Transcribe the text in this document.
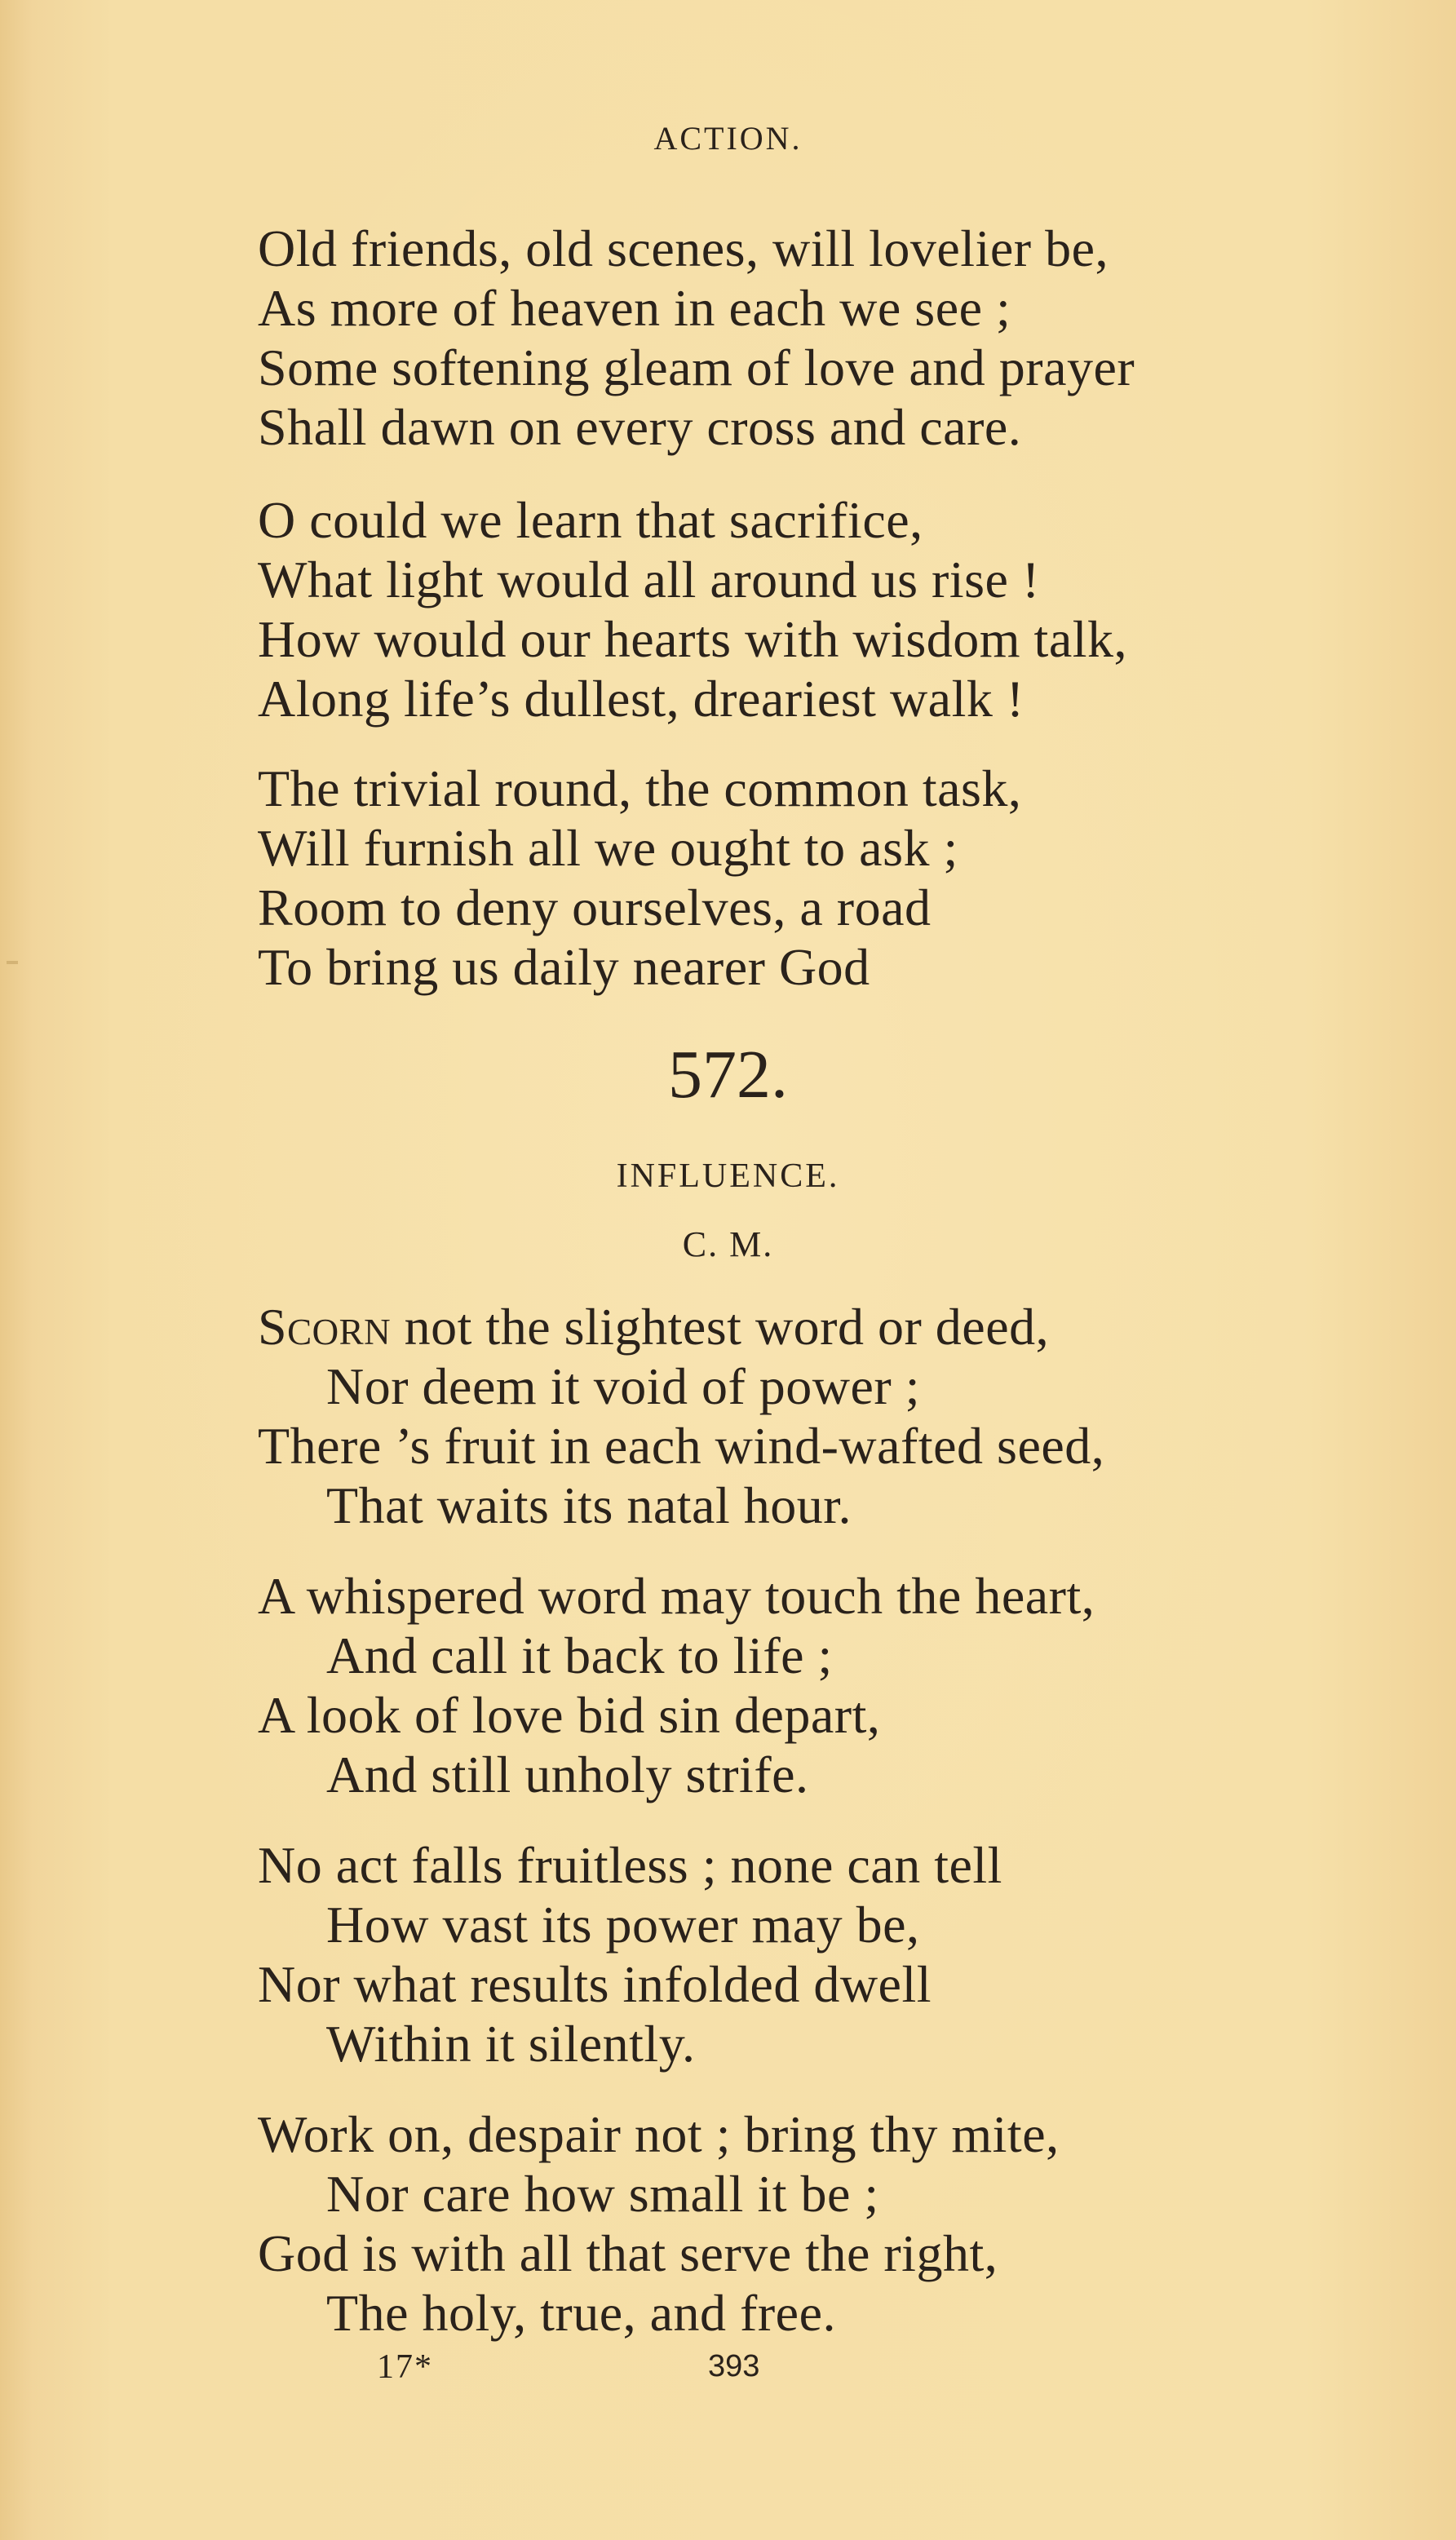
ACTION.
Old friends, old scenes, will lovelier be,
As more of heaven in each we see ;
Some softening gleam of love and prayer
Shall dawn on every cross and care.
O could we learn that sacrifice,
What light would all around us rise !
How would our hearts with wisdom talk,
Along life’s dullest, dreariest walk !
The trivial round, the common task,
Will furnish all we ought to ask ;
Room to deny ourselves, a road
To bring us daily nearer God
572.
INFLUENCE.
C. M.
Scorn not the slightest word or deed,
Nor deem it void of power ;
There ’s fruit in each wind-wafted seed,
That waits its natal hour.
A whispered word may touch the heart,
And call it back to life ;
A look of love bid sin depart,
And still unholy strife.
No act falls fruitless ; none can tell
How vast its power may be,
Nor what results infolded dwell
Within it silently.
Work on, despair not ; bring thy mite,
Nor care how small it be ;
God is with all that serve the right,
The holy, true, and free.
17*	393
